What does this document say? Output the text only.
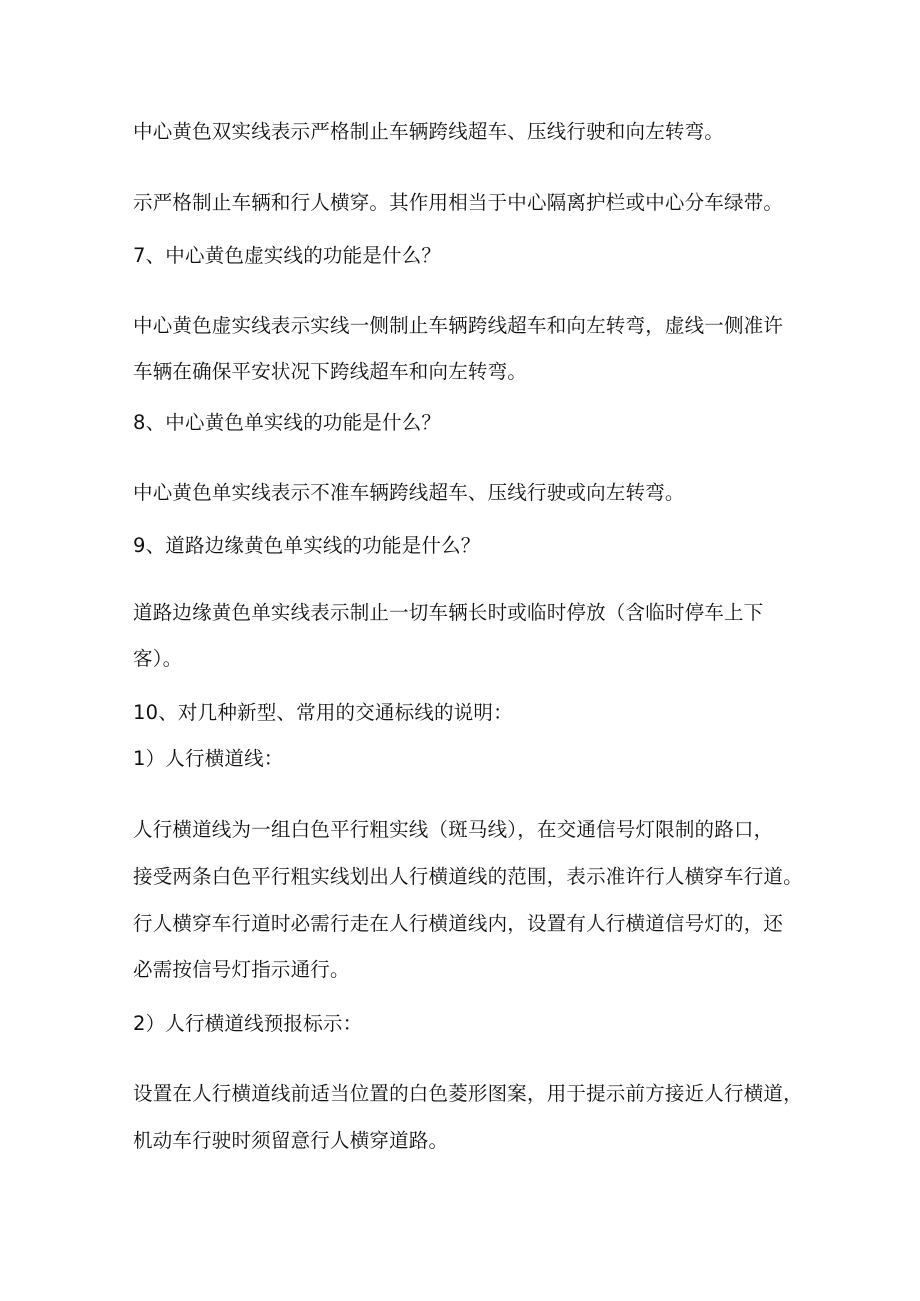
中心黄色双实线表示严格制止车辆跨线超车、压线行驶和向左转弯。
示严格制止车辆和行人横穿。其作用相当于中心隔离护栏或中心分车绿带。
7、中心黄色虚实线的功能是什么？
中心黄色虚实线表示实线一侧制止车辆跨线超车和向左转弯，虚线一侧准许
车辆在确保平安状况下跨线超车和向左转弯。
8、中心黄色单实线的功能是什么？
中心黄色单实线表示不准车辆跨线超车、压线行驶或向左转弯。
9、道路边缘黄色单实线的功能是什么？
道路边缘黄色单实线表示制止一切车辆长时或临时停放（含临时停车上下
客）。
10、对几种新型、常用的交通标线的说明：
1）人行横道线：
人行横道线为一组白色平行粗实线（斑马线），在交通信号灯限制的路口，
接受两条白色平行粗实线划出人行横道线的范围，表示准许行人横穿车行道。
行人横穿车行道时必需行走在人行横道线内，设置有人行横道信号灯的，还
必需按信号灯指示通行。
2）人行横道线预报标示：
设置在人行横道线前适当位置的白色菱形图案，用于提示前方接近人行横道，
机动车行驶时须留意行人横穿道路。
